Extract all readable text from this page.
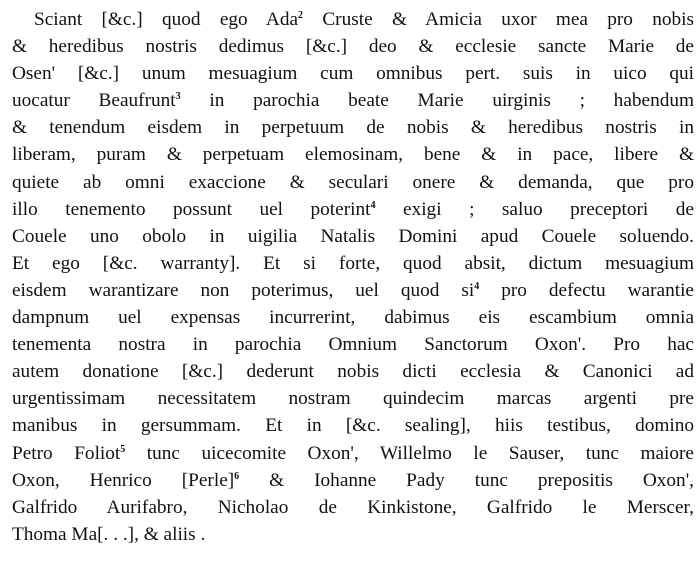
Sciant [&c.] quod ego Ada$^2$ Cruste & Amicia uxor mea pro nobis
& heredibus nostris dedimus [&c.] deo & ecclesie sancte Marie de
Osen' [&c.] unum mesuagium cum omnibus pert. suis in uico qui
uocatur Beaufrunt$^3$ in parochia beate Marie uirginis ; habendum
& tenendum eisdem in perpetuum de nobis & heredibus nostris in
liberam, puram & perpetuam elemosinam, bene & in pace, libere &
quiete ab omni exaccione & seculari onere & demanda, que pro
illo tenemento possunt uel poterint$^4$ exigi ; saluo preceptori de
Couele uno obolo in uigilia Natalis Domini apud Couele soluendo.
Et ego [&c. warranty]. Et si forte, quod absit, dictum mesuagium
eisdem warantizare non poterimus, uel quod $si^4$ pro defectu warantie
dampnum uel expensas incurrerint, dabimus eis escambium omnia
tenementa nostra in parochia Omnium Sanctorum Oxon'. Pro hac
autem donatione [&c.] dederunt nobis dicti ecclesia & Canonici ad
urgentissimam necessitatem nostram quindecim marcas argenti pre
manibus in gersummam. Et in [&c. sealing], hiis testibus, domino
Petro Foliot$^5$ tunc uicecomite Oxon', Willelmo le Sauser, tunc maiore
Oxon, Henrico [Perle]$^6$ & Iohanne Pady tunc prepositis Oxon',
Galfrido Aurifabro, Nicholao de Kinkistone, Galfrido le Merscer,
Thoma Ma[. . .], & aliis .
